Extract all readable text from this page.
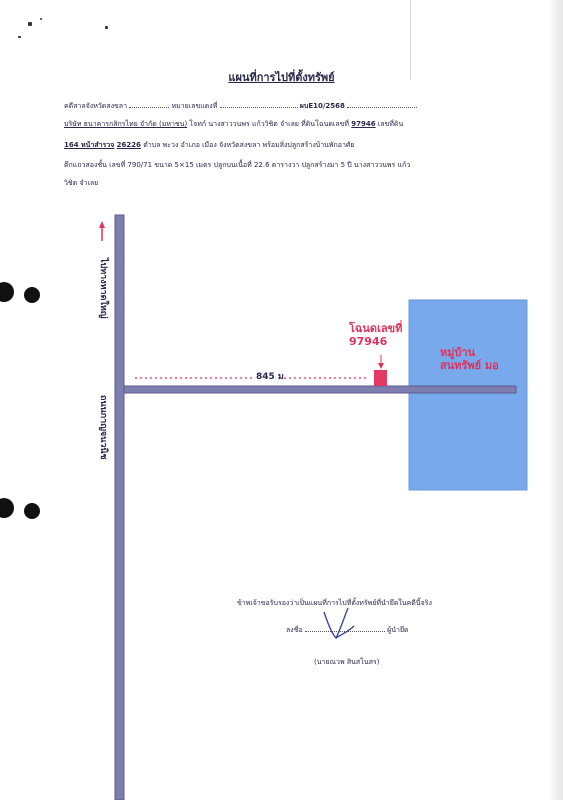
แผนที่การไปที่ตั้งทรัพย์
คดีสาลจังหวัดสงขลา	หมายเลขแดงที่	ผบE10/2568
บริษัท ธนาคารกสิกรไทย จำกัด (มหาชน) โจทก์ นางสาววนพร แก้ววิชิต จำเลย ที่ดินโฉนดเลขที่ 97946 เลขที่ดิน
164 หน้าสำรวจ 26226 ตำบล พะวง อำเภอ เมือง จังหวัดสงขลา พร้อมสิ่งปลูกสร้างบ้านพักอาศัย
ตึกแถวสองชั้น เลขที่ 790/71 ขนาด 5×15 เมตร ปลูกบนเนื้อที่ 22.6 ตารางวา ปลูกสร้างมา 5 ปี นางสาววนพร แก้ว
วิชิต จำเลย
ไปทางหาดใหญ่
ถนนกาญจนวนิช
845 ม
โฉนดเลขที่
97946
หมู่บ้าน
สนทรัพย์ มอ
ข้าพเจ้าขอรับรองว่าเป็นแผนที่การไปที่ตั้งทรัพย์ที่นำยึดในคดีนี้จริง
ลงชื่อ	ผู้นำยึด
(นายณวพ สินสโนสร)
